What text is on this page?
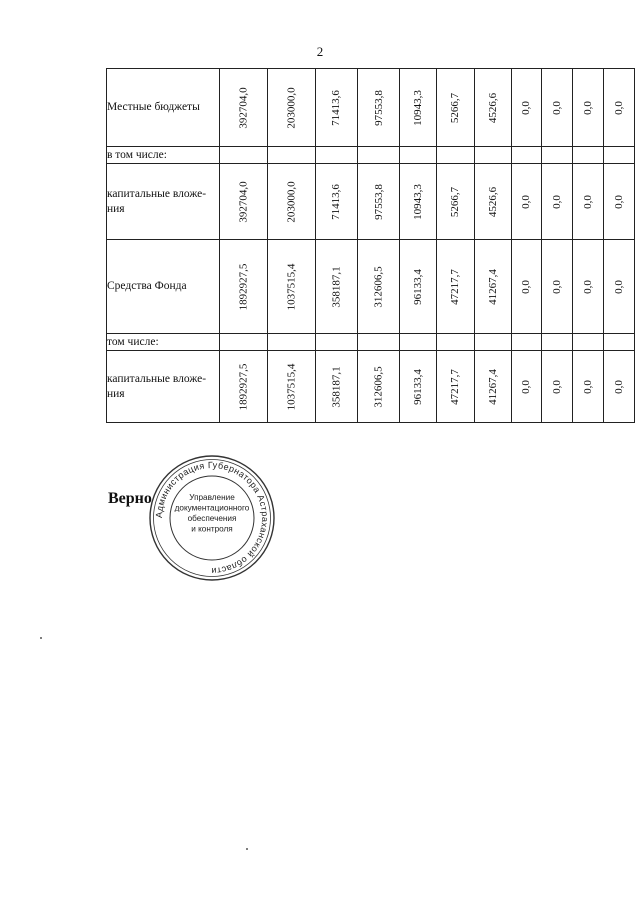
2
Местные бюджеты	392704,0	203000,0	71413,6	97553,8	10943,3	5266,7	4526,6	0,0	0,0	0,0	0,0
в том числе:											
капитальные вложе-ния	392704,0	203000,0	71413,6	97553,8	10943,3	5266,7	4526,6	0,0	0,0	0,0	0,0
Средства Фонда	1892927,5	1037515,4	358187,1	312606,5	96133,4	47217,7	41267,4	0,0	0,0	0,0	0,0
том числе:											
капитальные вложе-ния	1892927,5	1037515,4	358187,1	312606,5	96133,4	47217,7	41267,4	0,0	0,0	0,0	0,0
Верно
Администрация Губернатора Астраханской области
Управление документационного обеспечения и контроля
